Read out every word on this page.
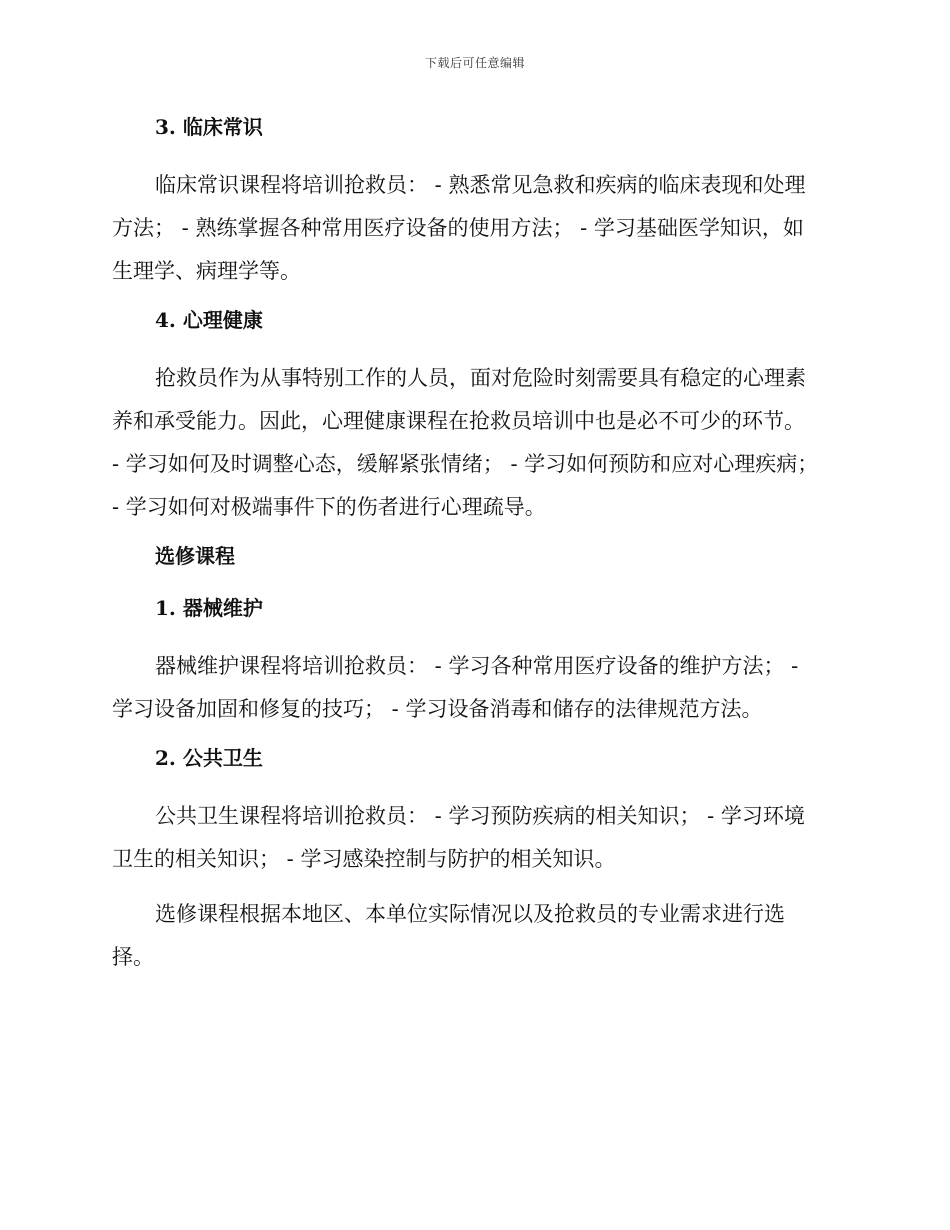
下载后可任意编辑
3. 临床常识
临床常识课程将培训抢救员： - 熟悉常见急救和疾病的临床表现和处理
方法； - 熟练掌握各种常用医疗设备的使用方法； - 学习基础医学知识，如
生理学、病理学等。
4. 心理健康
抢救员作为从事特别工作的人员，面对危险时刻需要具有稳定的心理素
养和承受能力。因此，心理健康课程在抢救员培训中也是必不可少的环节。
- 学习如何及时调整心态，缓解紧张情绪； - 学习如何预防和应对心理疾病；
- 学习如何对极端事件下的伤者进行心理疏导。
选修课程
1. 器械维护
器械维护课程将培训抢救员： - 学习各种常用医疗设备的维护方法； -
学习设备加固和修复的技巧； - 学习设备消毒和储存的法律规范方法。
2. 公共卫生
公共卫生课程将培训抢救员： - 学习预防疾病的相关知识； - 学习环境
卫生的相关知识； - 学习感染控制与防护的相关知识。
选修课程根据本地区、本单位实际情况以及抢救员的专业需求进行选
择。
